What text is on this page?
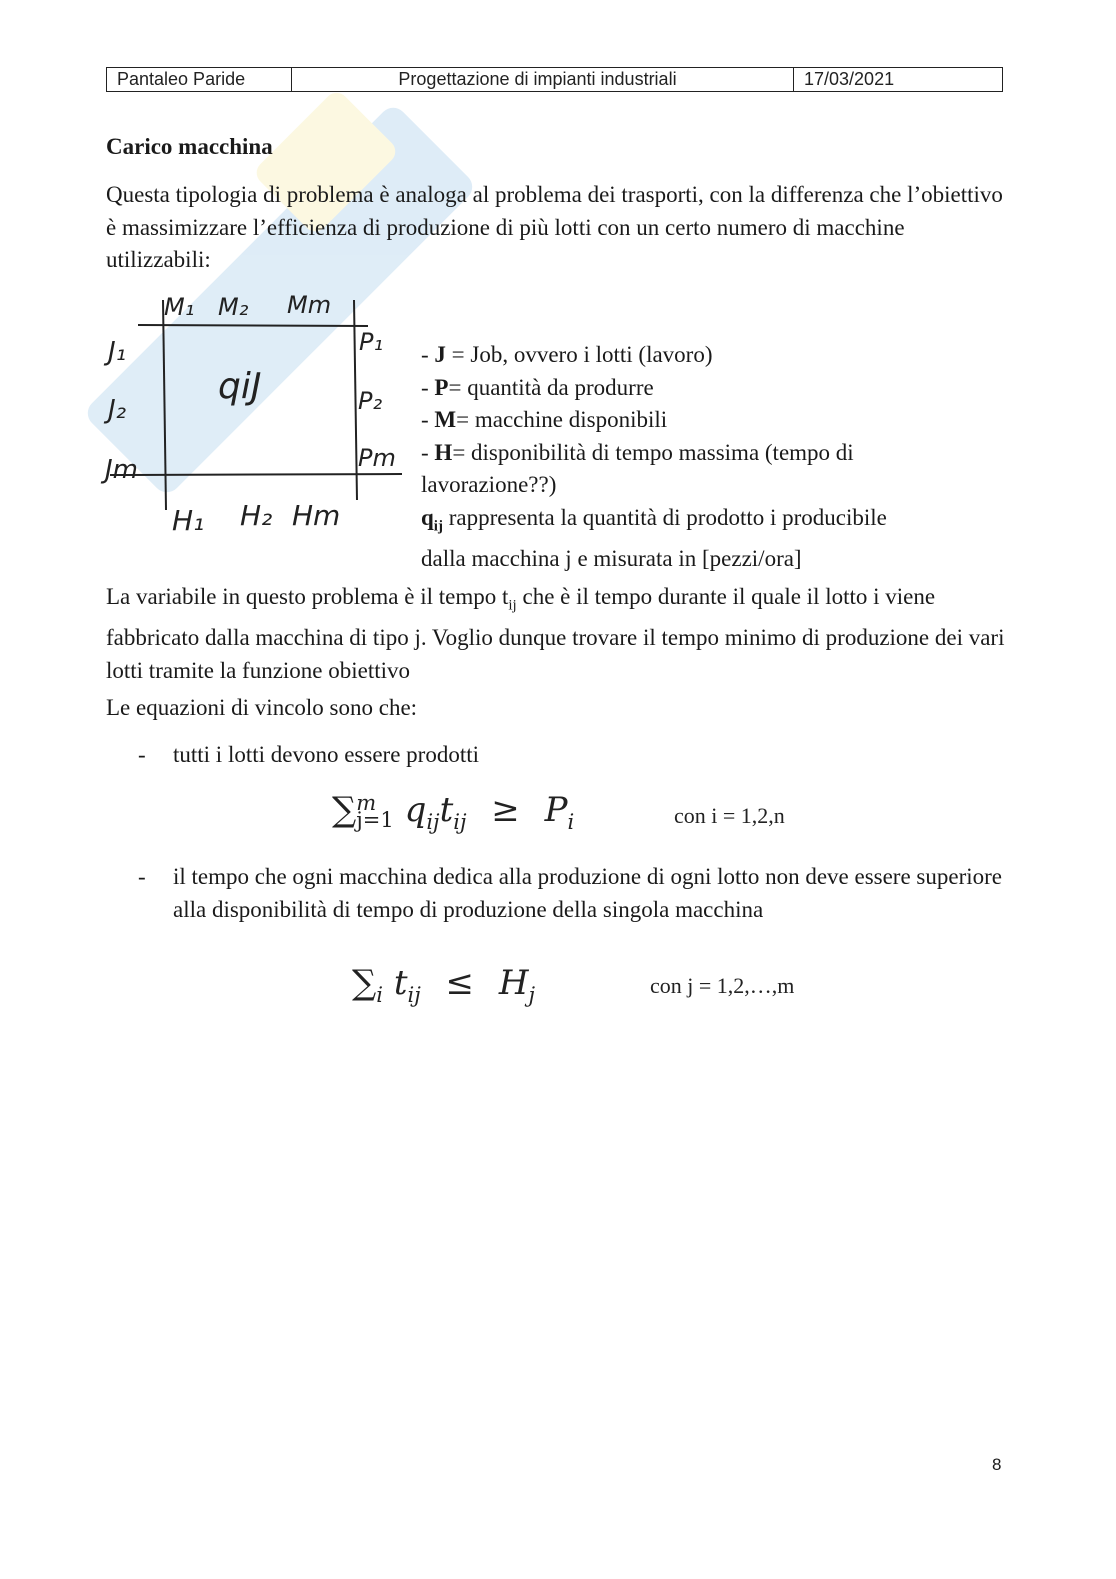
Pantaleo Paride	Progettazione di impianti industriali	17/03/2021
Carico macchina

Questa tipologia di problema è analoga al problema dei trasporti, con la differenza che l’obiettivo è massimizzare l’efficienza di produzione di più lotti con un certo numero di macchine utilizzabili:

M₁ M₂ Mm
J₁
J₂
Jm
P₁
P₂
Pm
qiJ
H₁ H₂ Hm
- J = Job, ovvero i lotti (lavoro)
- P= quantità da produrre
- M= macchine disponibili
- H= disponibilità di tempo massima (tempo di
lavorazione??)
$q_{ij}$ rappresenta la quantità di prodotto i producibile
dalla macchina j e misurata in [pezzi/ora]

La variabile in questo problema è il tempo $t_{ij}$ che è il tempo durante il quale il lotto i viene fabbricato dalla macchina di tipo j. Voglio dunque trovare il tempo minimo di produzione dei vari lotti tramite la funzione obiettivo

Le equazioni di vincolo sono che:

- tutti i lotti devono essere prodotti
∑ m
j=1 $q_{ij}t_{ij} \ge P_i$	con i = 1,2,n
- il tempo che ogni macchina dedica alla produzione di ogni lotto non deve essere superiore alla disponibilità di tempo di produzione della singola macchina
$\sum_i$ $t_{ij} \le H_j$	con j = 1,2,…,m
8
